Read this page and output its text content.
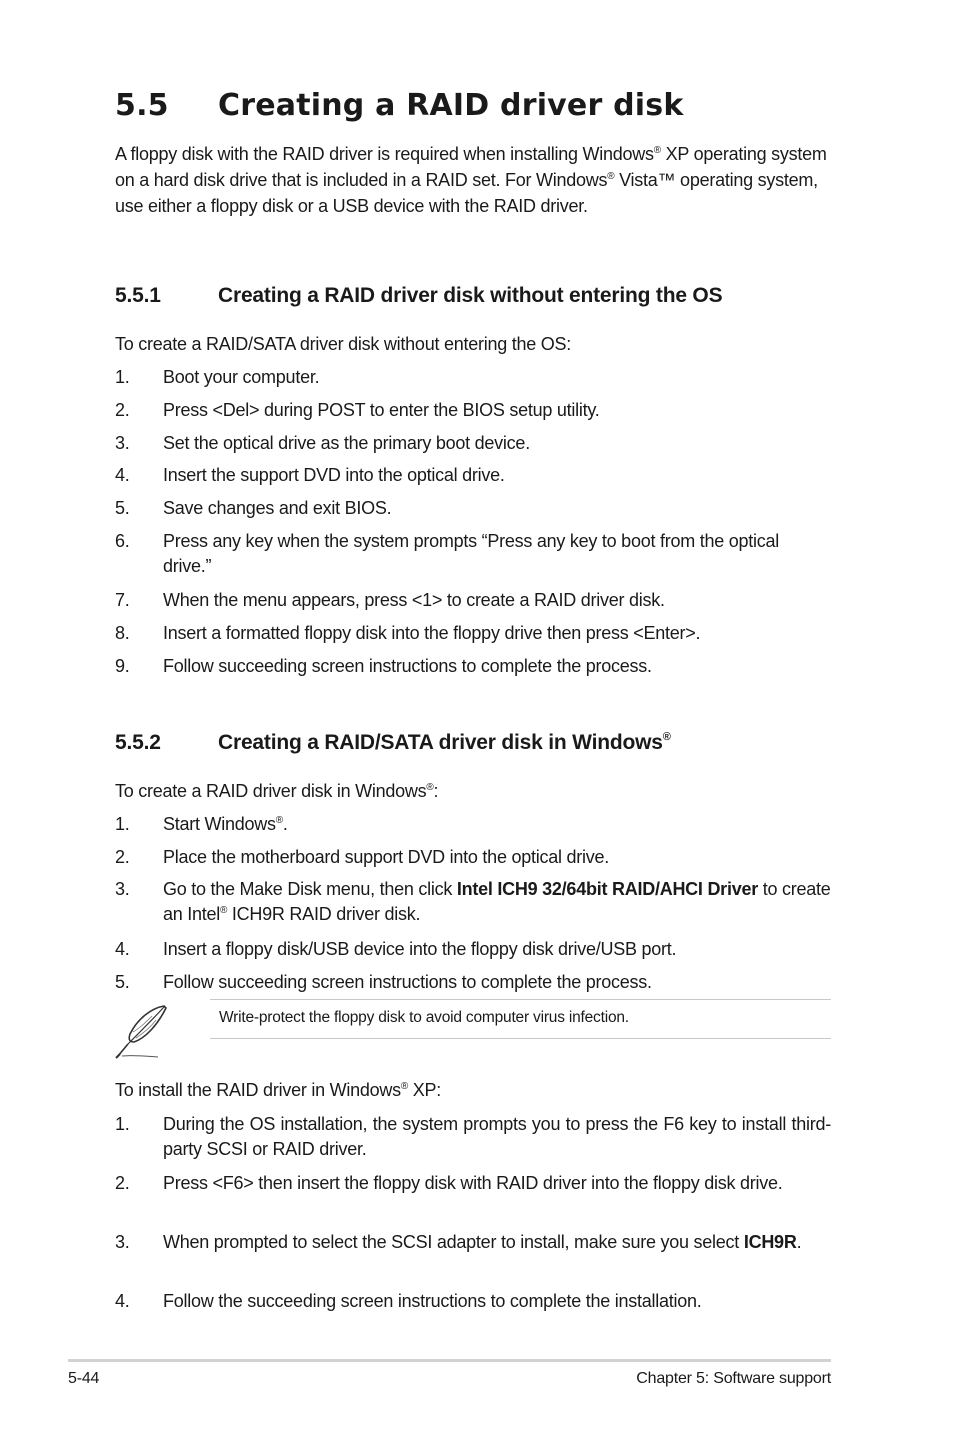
5.5 Creating a RAID driver disk
A floppy disk with the RAID driver is required when installing Windows® XP operating system on a hard disk drive that is included in a RAID set. For Windows® Vista™ operating system, use either a floppy disk or a USB device with the RAID driver.
5.5.1	Creating a RAID driver disk without entering the OS
To create a RAID/SATA driver disk without entering the OS:
1. Boot your computer.
2. Press <Del> during POST to enter the BIOS setup utility.
3. Set the optical drive as the primary boot device.
4. Insert the support DVD into the optical drive.
5. Save changes and exit BIOS.
6. Press any key when the system prompts “Press any key to boot from the optical drive.”
7. When the menu appears, press <1> to create a RAID driver disk.
8. Insert a formatted floppy disk into the floppy drive then press <Enter>.
9. Follow succeeding screen instructions to complete the process.
5.5.2	Creating a RAID/SATA driver disk in Windows®
To create a RAID driver disk in Windows®:
1. Start Windows®.
2. Place the motherboard support DVD into the optical drive.
3. Go to the Make Disk menu, then click Intel ICH9 32/64bit RAID/AHCI Driver to create an Intel® ICH9R RAID driver disk.
4. Insert a floppy disk/USB device into the floppy disk drive/USB port.
5. Follow succeeding screen instructions to complete the process.
Write-protect the floppy disk to avoid computer virus infection.
To install the RAID driver in Windows® XP:
1. During the OS installation, the system prompts you to press the F6 key to install third-party SCSI or RAID driver.
2. Press <F6> then insert the floppy disk with RAID driver into the floppy disk drive.
3. When prompted to select the SCSI adapter to install, make sure you select ICH9R.
4. Follow the succeeding screen instructions to complete the installation.
5-44	Chapter 5: Software support
